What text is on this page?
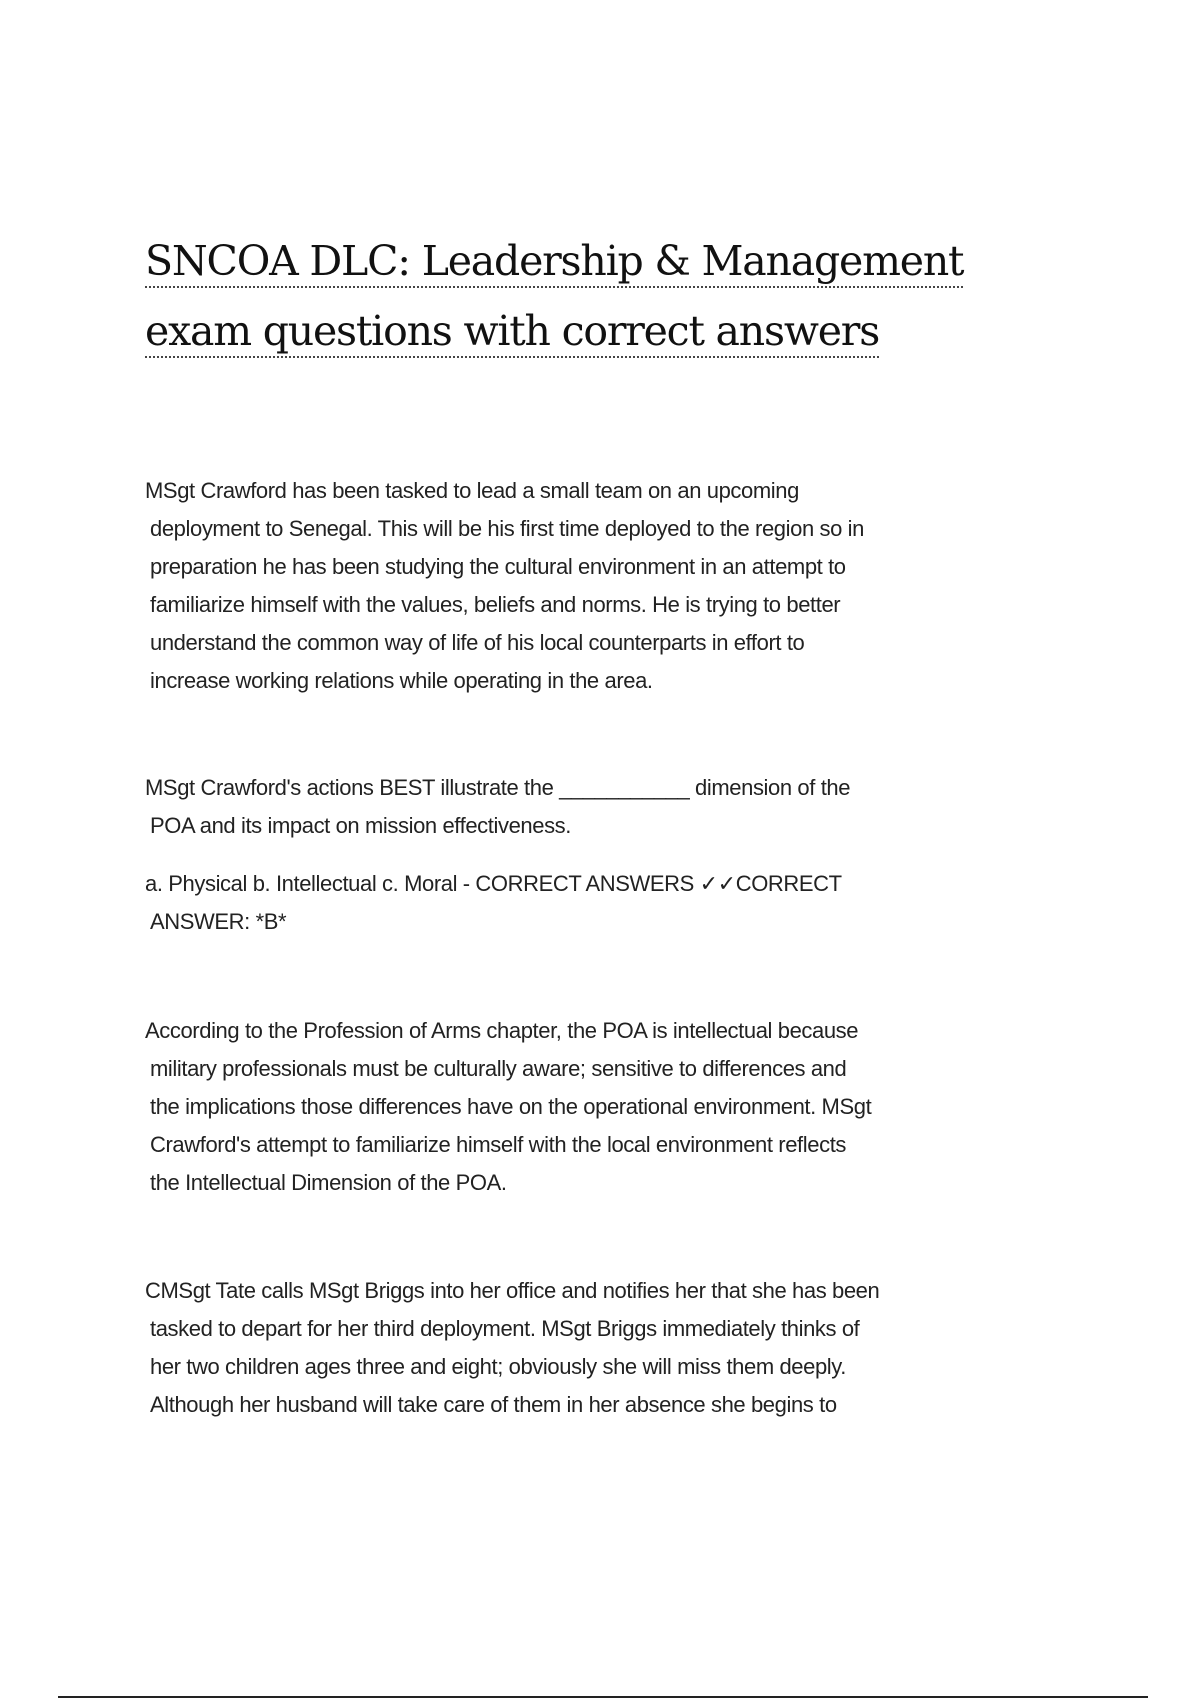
SNCOA DLC: Leadership & Management
exam questions with correct answers
MSgt Crawford has been tasked to lead a small team on an upcoming
deployment to Senegal. This will be his first time deployed to the region so in
preparation he has been studying the cultural environment in an attempt to
familiarize himself with the values, beliefs and norms. He is trying to better
understand the common way of life of his local counterparts in effort to
increase working relations while operating in the area.
MSgt Crawford's actions BEST illustrate the ___________ dimension of the
POA and its impact on mission effectiveness.
a. Physical b. Intellectual c. Moral - CORRECT ANSWERS ✓✓CORRECT
ANSWER: *B*
According to the Profession of Arms chapter, the POA is intellectual because
military professionals must be culturally aware; sensitive to differences and
the implications those differences have on the operational environment. MSgt
Crawford's attempt to familiarize himself with the local environment reflects
the Intellectual Dimension of the POA.
CMSgt Tate calls MSgt Briggs into her office and notifies her that she has been
tasked to depart for her third deployment. MSgt Briggs immediately thinks of
her two children ages three and eight; obviously she will miss them deeply.
Although her husband will take care of them in her absence she begins to
